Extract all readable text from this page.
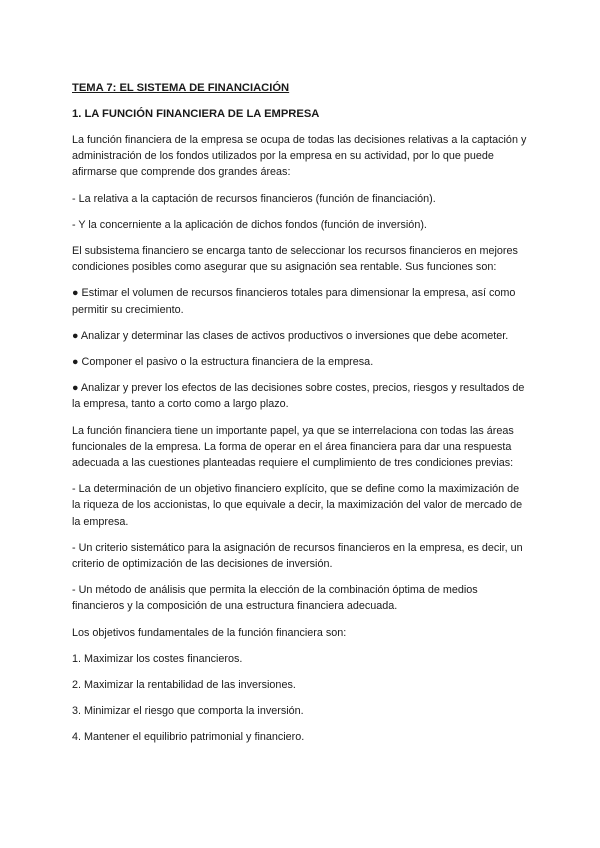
TEMA 7: EL SISTEMA DE FINANCIACIÓN
1. LA FUNCIÓN FINANCIERA DE LA EMPRESA

La función financiera de la empresa se ocupa de todas las decisiones relativas a la captación y administración de los fondos utilizados por la empresa en su actividad, por lo que puede afirmarse que comprende dos grandes áreas:

- La relativa a la captación de recursos financieros (función de financiación).

- Y la concerniente a la aplicación de dichos fondos (función de inversión).

El subsistema financiero se encarga tanto de seleccionar los recursos financieros en mejores condiciones posibles como asegurar que su asignación sea rentable. Sus funciones son:

● Estimar el volumen de recursos financieros totales para dimensionar la empresa, así como permitir su crecimiento.

● Analizar y determinar las clases de activos productivos o inversiones que debe acometer.

● Componer el pasivo o la estructura financiera de la empresa.

● Analizar y prever los efectos de las decisiones sobre costes, precios, riesgos y resultados de la empresa, tanto a corto como a largo plazo.

La función financiera tiene un importante papel, ya que se interrelaciona con todas las áreas funcionales de la empresa. La forma de operar en el área financiera para dar una respuesta adecuada a las cuestiones planteadas requiere el cumplimiento de tres condiciones previas:

- La determinación de un objetivo financiero explícito, que se define como la maximización de la riqueza de los accionistas, lo que equivale a decir, la maximización del valor de mercado de la empresa.

- Un criterio sistemático para la asignación de recursos financieros en la empresa, es decir, un criterio de optimización de las decisiones de inversión.

- Un método de análisis que permita la elección de la combinación óptima de medios financieros y la composición de una estructura financiera adecuada.

Los objetivos fundamentales de la función financiera son:

1. Maximizar los costes financieros.

2. Maximizar la rentabilidad de las inversiones.

3. Minimizar el riesgo que comporta la inversión.

4. Mantener el equilibrio patrimonial y financiero.
